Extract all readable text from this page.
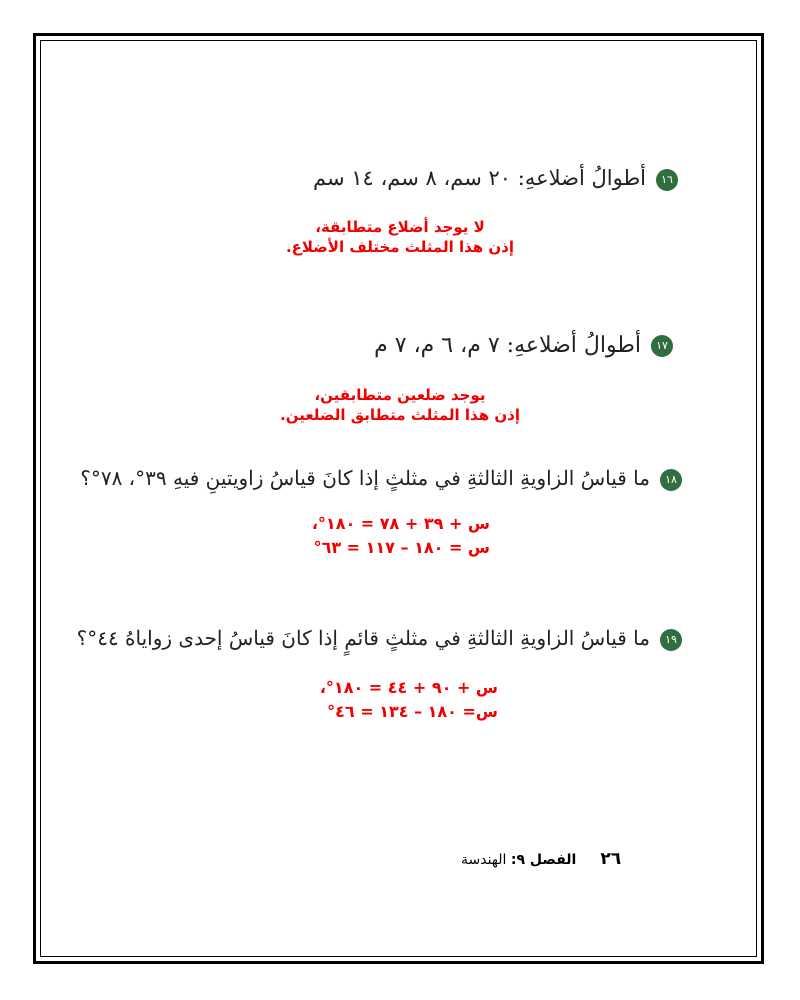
١٦أطوالُ أضلاعهِ: ٢٠ سم، ٨ سم، ١٤ سم
لا يوجد أضلاع متطابقة،
إذن هذا المثلث مختلف الأضلاع.
١٧أطوالُ أضلاعهِ: ٧ م، ٦ م، ٧ م
يوجد ضلعين متطابقين،
إذن هذا المثلث متطابق الضلعين.
١٨ما قياسُ الزاويةِ الثالثةِ في مثلثٍ إذا كانَ قياسُ زاويتينِ فيهِ ٣٩°، ٧٨°؟
س + ٣٩ + ٧٨ = ١٨٠°،
س = ١٨٠ – ١١٧ = ٦٣°
١٩ما قياسُ الزاويةِ الثالثةِ في مثلثٍ قائمٍ إذا كانَ قياسُ إحدى زواياهُ ٤٤°؟
س + ٩٠ + ٤٤ = ١٨٠°،
س= ١٨٠ – ١٣٤ = ٤٦°
٢٦الفصل ٩: الهندسة
